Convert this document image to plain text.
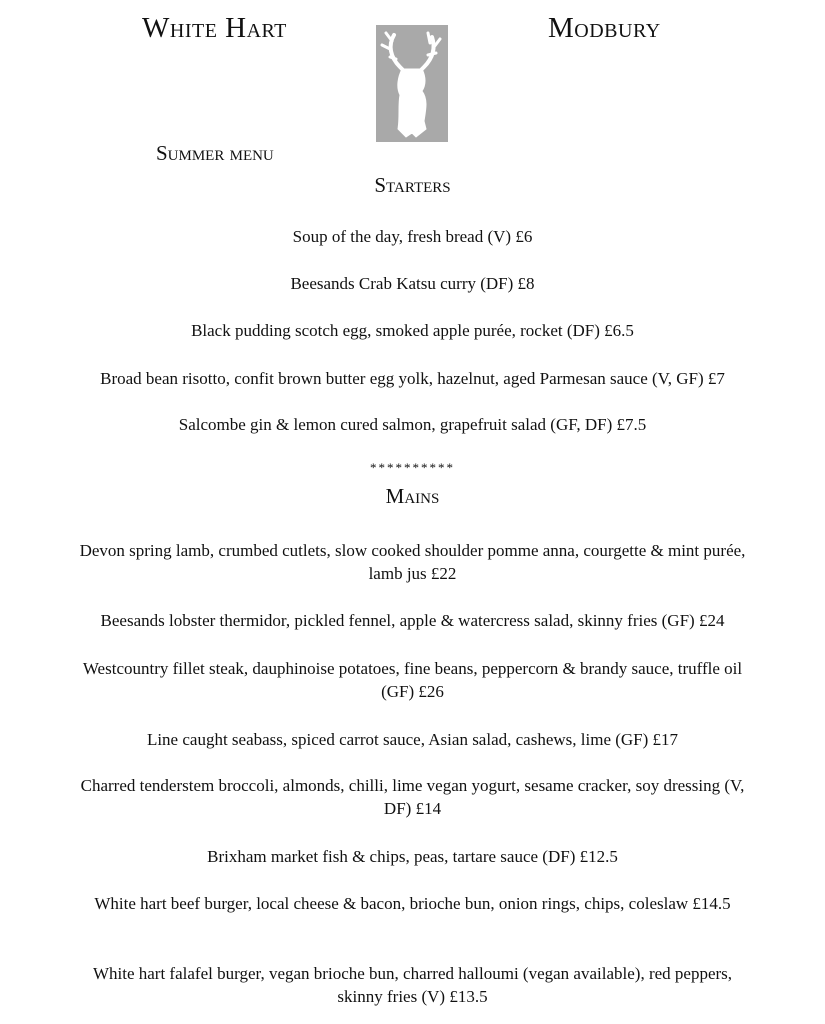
White Hart	Modbury
Summer menu
Starters
Soup of the day, fresh bread (V) £6
Beesands Crab Katsu curry (DF) £8
Black pudding scotch egg, smoked apple purée, rocket (DF) £6.5
Broad bean risotto, confit brown butter egg yolk, hazelnut, aged Parmesan sauce (V, GF) £7
Salcombe gin & lemon cured salmon, grapefruit salad (GF, DF) £7.5
**********
Mains
Devon spring lamb, crumbed cutlets, slow cooked shoulder pomme anna, courgette & mint purée, lamb jus £22
Beesands lobster thermidor, pickled fennel, apple & watercress salad, skinny fries (GF) £24
Westcountry fillet steak, dauphinoise potatoes, fine beans, peppercorn & brandy sauce, truffle oil (GF) £26
Line caught seabass, spiced carrot sauce, Asian salad, cashews, lime (GF) £17
Charred tenderstem broccoli, almonds, chilli, lime vegan yogurt, sesame cracker, soy dressing (V, DF) £14
Brixham market fish & chips, peas, tartare sauce (DF) £12.5
White hart beef burger, local cheese & bacon, brioche bun, onion rings, chips, coleslaw £14.5
White hart falafel burger, vegan brioche bun, charred halloumi (vegan available), red peppers, skinny fries (V) £13.5
